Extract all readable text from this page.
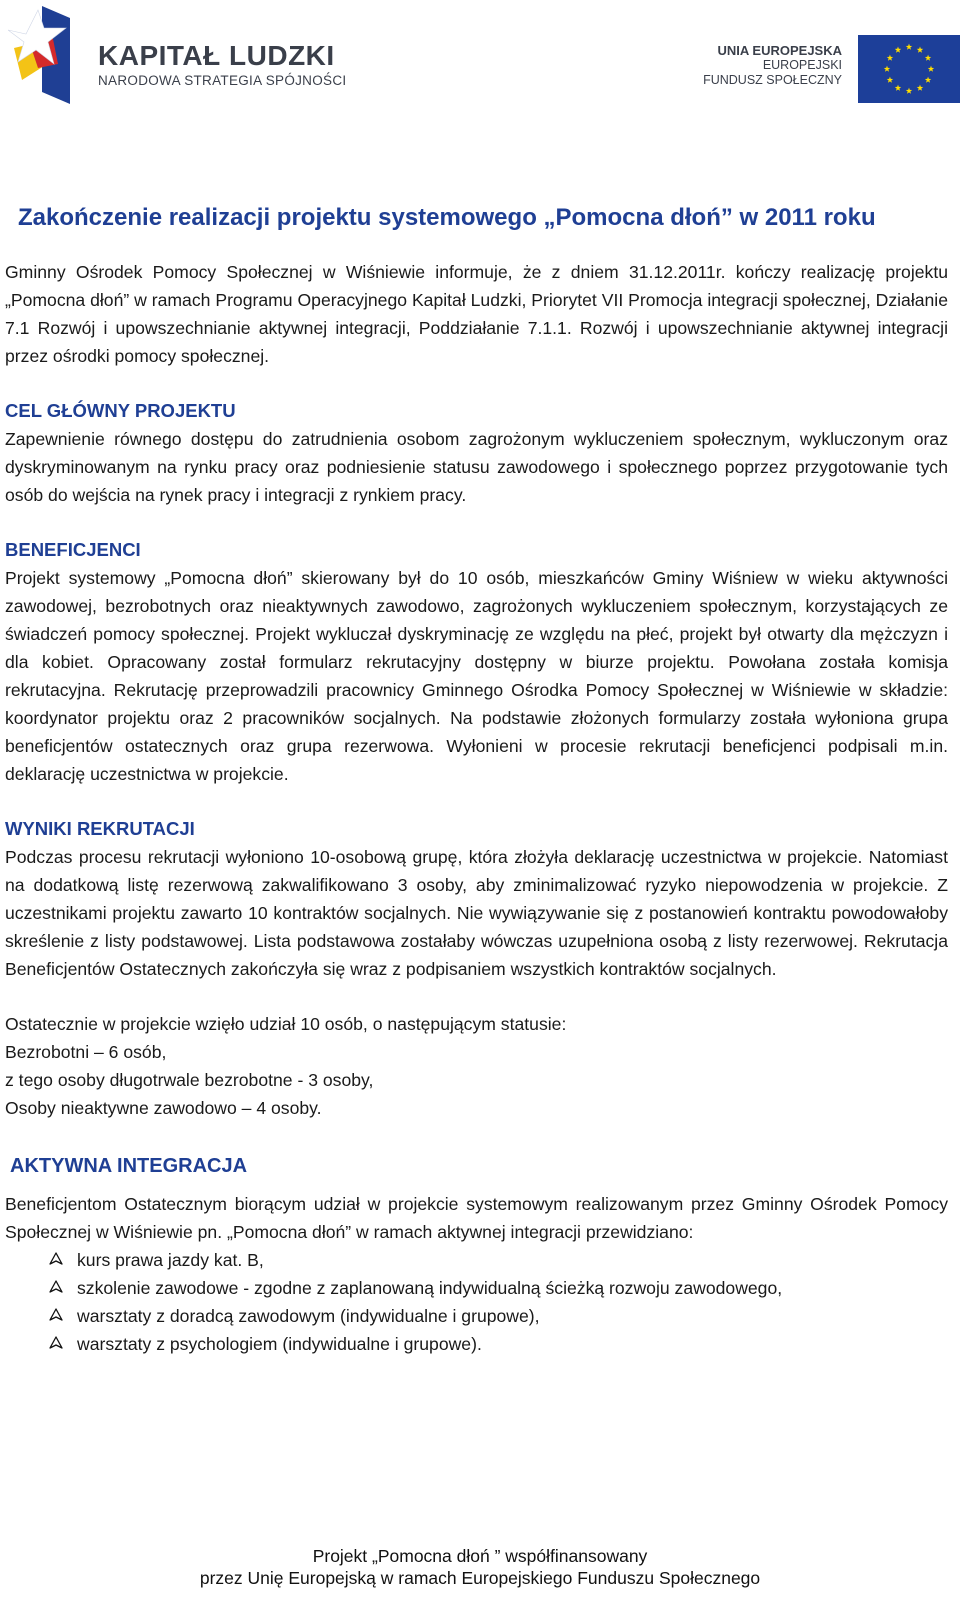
KAPITAŁ LUDZKI
NARODOWA STRATEGIA SPÓJNOŚCI
UNIA EUROPEJSKA
EUROPEJSKI
FUNDUSZ SPOŁECZNY
Zakończenie realizacji projektu systemowego „Pomocna dłoń” w 2011 roku

Gminny Ośrodek Pomocy Społecznej w Wiśniewie informuje, że z dniem 31.12.2011r. kończy realizację projektu „Pomocna dłoń” w ramach Programu Operacyjnego Kapitał Ludzki, Priorytet VII Promocja integracji społecznej, Działanie 7.1 Rozwój i upowszechnianie aktywnej integracji, Poddziałanie 7.1.1. Rozwój i upowszechnianie aktywnej integracji przez ośrodki pomocy społecznej.

CEL GŁÓWNY PROJEKTU

Zapewnienie równego dostępu do zatrudnienia osobom zagrożonym wykluczeniem społecznym, wykluczonym oraz dyskryminowanym na rynku pracy oraz podniesienie statusu zawodowego i społecznego poprzez przygotowanie tych osób do wejścia na rynek pracy i integracji z rynkiem pracy.

BENEFICJENCI

Projekt systemowy „Pomocna dłoń” skierowany był do 10 osób, mieszkańców Gminy Wiśniew w wieku aktywności zawodowej, bezrobotnych oraz nieaktywnych zawodowo, zagrożonych wykluczeniem społecznym, korzystających ze świadczeń pomocy społecznej. Projekt wykluczał dyskryminację ze względu na płeć, projekt był otwarty dla mężczyzn i dla kobiet. Opracowany został formularz rekrutacyjny dostępny w biurze projektu. Powołana została komisja rekrutacyjna. Rekrutację przeprowadzili pracownicy Gminnego Ośrodka Pomocy Społecznej w Wiśniewie w składzie: koordynator projektu oraz 2 pracowników socjalnych. Na podstawie złożonych formularzy została wyłoniona grupa beneficjentów ostatecznych oraz grupa rezerwowa. Wyłonieni w procesie rekrutacji beneficjenci podpisali m.in. deklarację uczestnictwa w projekcie.

WYNIKI REKRUTACJI

Podczas procesu rekrutacji wyłoniono 10-osobową grupę, która złożyła deklarację uczestnictwa w projekcie. Natomiast na dodatkową listę rezerwową zakwalifikowano 3 osoby, aby zminimalizować ryzyko niepowodzenia w projekcie. Z uczestnikami projektu zawarto 10 kontraktów socjalnych. Nie wywiązywanie się z postanowień kontraktu powodowałoby skreślenie z listy podstawowej. Lista podstawowa zostałaby wówczas uzupełniona osobą z listy rezerwowej. Rekrutacja Beneficjentów Ostatecznych zakończyła się wraz z podpisaniem wszystkich kontraktów socjalnych.

Ostatecznie w projekcie wzięło udział 10 osób, o następującym statusie:
Bezrobotni – 6 osób,
z tego osoby długotrwale bezrobotne - 3 osoby,
Osoby nieaktywne zawodowo – 4 osoby.
AKTYWNA INTEGRACJA

Beneficjentom Ostatecznym biorącym udział w projekcie systemowym realizowanym przez Gminny Ośrodek Pomocy Społecznej w Wiśniewie pn. „Pomocna dłoń” w ramach aktywnej integracji przewidziano:

kurs prawa jazdy kat. B,
szkolenie zawodowe - zgodne z zaplanowaną indywidualną ścieżką rozwoju zawodowego,
warsztaty z doradcą zawodowym (indywidualne i grupowe),
warsztaty z psychologiem (indywidualne i grupowe).
Projekt „Pomocna dłoń ” współfinansowany
przez Unię Europejską w ramach Europejskiego Funduszu Społecznego
